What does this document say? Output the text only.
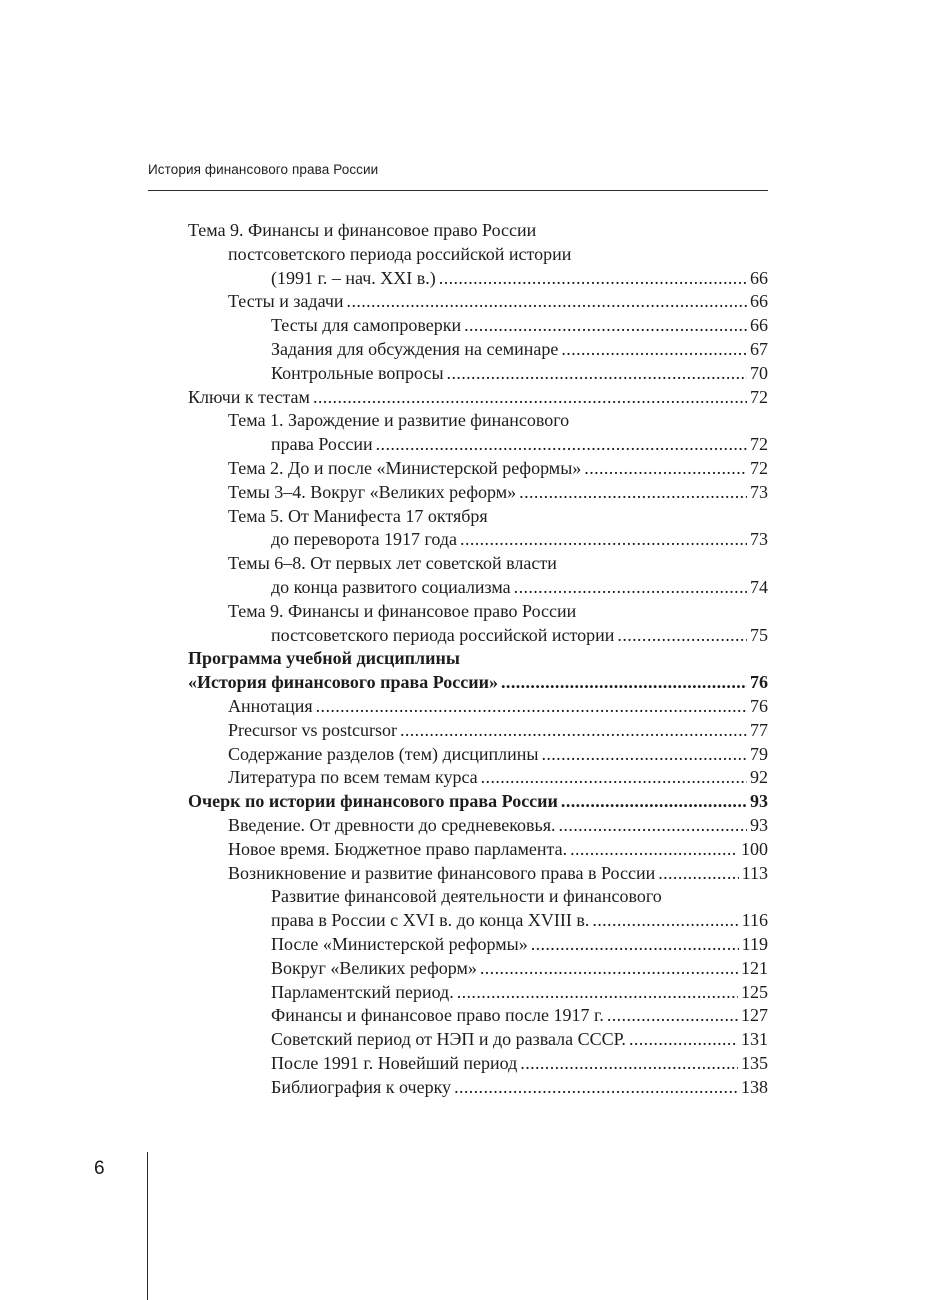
История финансового права России
Тема 9. Финансы и финансовое право России
постсоветского периода российской истории
(1991 г. – нач. XXI в.) .....	66
Тесты и задачи .....	66
Тесты для самопроверки .....	66
Задания для обсуждения на семинаре .....	67
Контрольные вопросы .....	70
Ключи к тестам .....	72
Тема 1. Зарождение и развитие финансового
права России .....	72
Тема 2. До и после «Министерской реформы» .....	72
Темы 3–4. Вокруг «Великих реформ» .....	73
Тема 5. От Манифеста 17 октября
до переворота 1917 года .....	73
Темы 6–8. От первых лет советской власти
до конца развитого социализма .....	74
Тема 9. Финансы и финансовое право России
постсоветского периода российской истории .....	75
Программа учебной дисциплины
«История финансового права России» .....	76
Аннотация .....	76
Precursor vs postcursor .....	77
Содержание разделов (тем) дисциплины .....	79
Литература по всем темам курса .....	92
Очерк по истории финансового права России .....	93
Введение. От древности до средневековья. .....	93
Новое время. Бюджетное право парламента. .....	100
Возникновение и развитие финансового права в России .....	113
Развитие финансовой деятельности и финансового
права в России с XVI в. до конца XVIII в. .....	116
После «Министерской реформы» .....	119
Вокруг «Великих реформ» .....	121
Парламентский период. .....	125
Финансы и финансовое право после 1917 г. .....	127
Советский период от НЭП и до развала СССР. .....	131
После 1991 г. Новейший период .....	135
Библиография к очерку .....	138
6
